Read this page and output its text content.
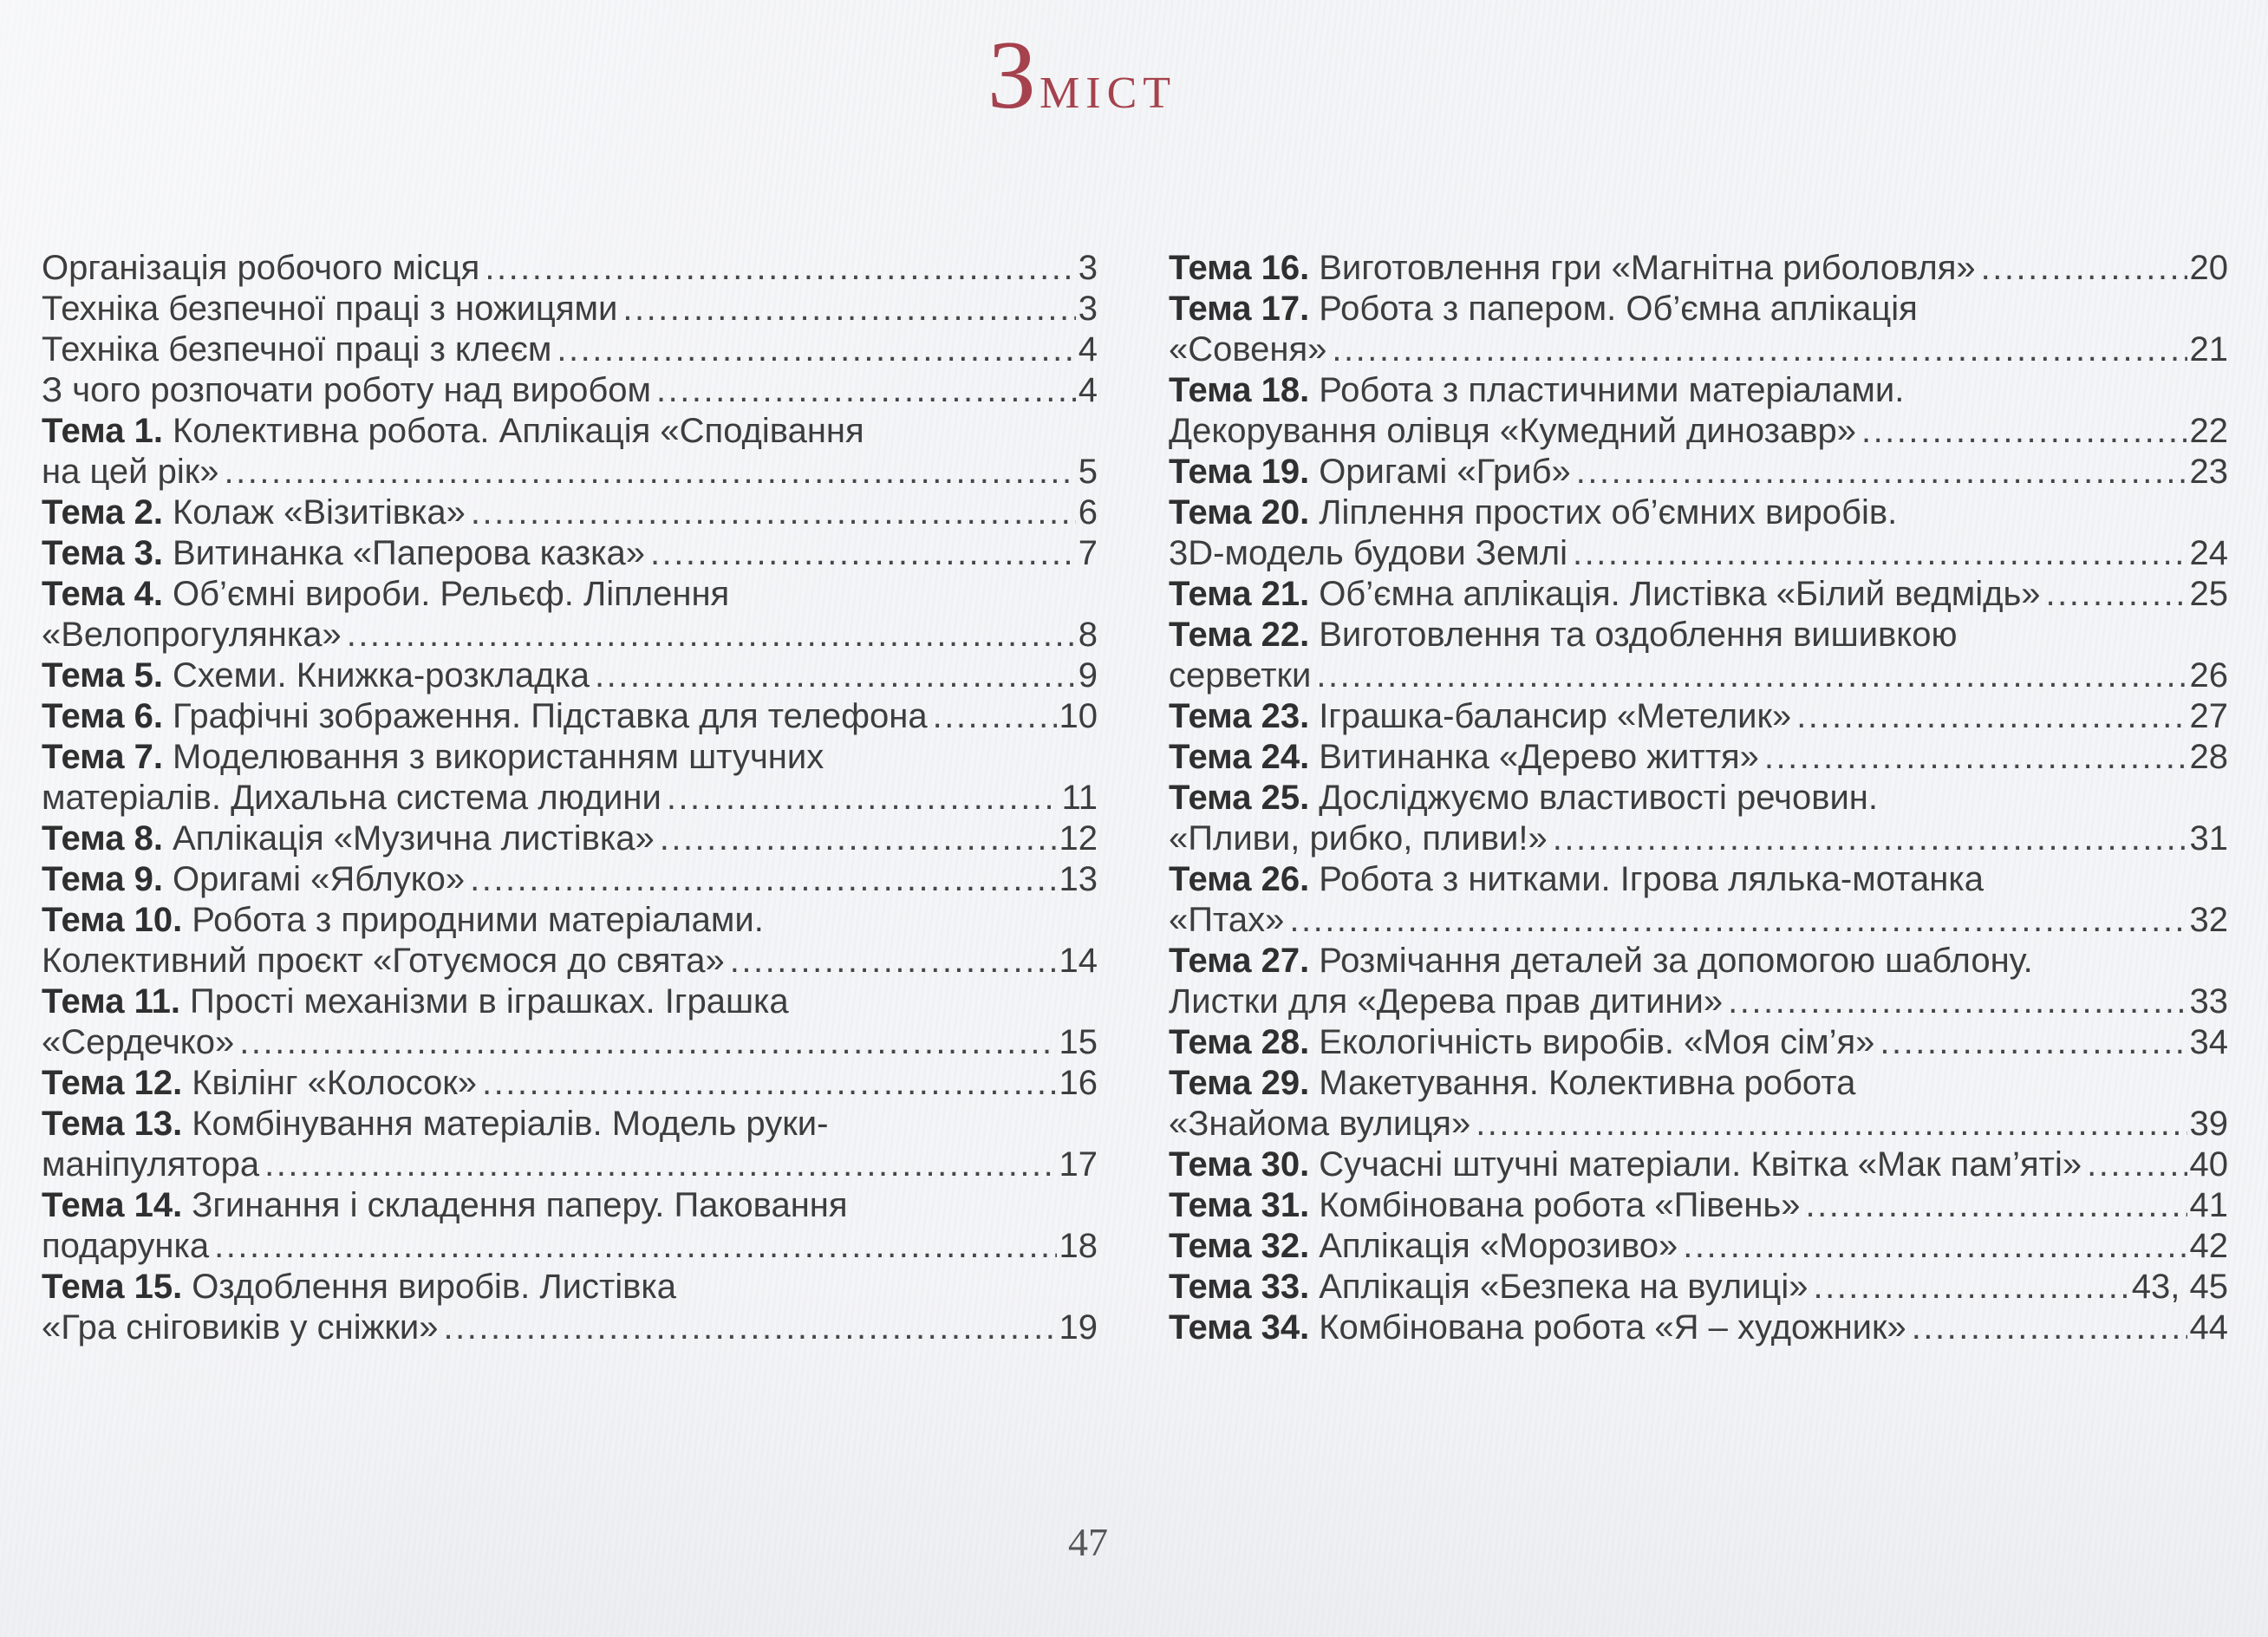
Зміст
Організація робочого місця .....	3
Техніка безпечної праці з ножицями .....	3
Техніка безпечної праці з клеєм .....	4
З чого розпочати роботу над виробом .....	4
Тема 1. Колективна робота. Аплікація «Сподівання
на цей рік» .....	5
Тема 2. Колаж «Візитівка» .....	6
Тема 3. Витинанка «Паперова казка» .....	7
Тема 4. Об’ємні вироби. Рельєф. Ліплення
«Велопрогулянка» .....	8
Тема 5. Схеми. Книжка-розкладка .....	9
Тема 6. Графічні зображення. Підставка для телефона .....	10
Тема 7. Моделювання з використанням штучних
матеріалів. Дихальна система людини .....	11
Тема 8. Аплікація «Музична листівка» .....	12
Тема 9. Оригамі «Яблуко» .....	13
Тема 10. Робота з природними матеріалами.
Колективний проєкт «Готуємося до свята» .....	14
Тема 11. Прості механізми в іграшках. Іграшка
«Сердечко» .....	15
Тема 12. Квілінг «Колосок» .....	16
Тема 13. Комбінування матеріалів. Модель руки-
маніпулятора .....	17
Тема 14. Згинання і складення паперу. Паковання
подарунка .....	18
Тема 15. Оздоблення виробів. Листівка
«Гра сніговиків у сніжки» .....	19
Тема 16. Виготовлення гри «Магнітна риболовля» .....	20
Тема 17. Робота з папером. Об’ємна аплікація
«Совеня» .....	21
Тема 18. Робота з пластичними матеріалами.
Декорування олівця «Кумедний динозавр» .....	22
Тема 19. Оригамі «Гриб» .....	23
Тема 20. Ліплення простих об’ємних виробів.
3D-модель будови Землі .....	24
Тема 21. Об’ємна аплікація. Листівка «Білий ведмідь» .....	25
Тема 22. Виготовлення та оздоблення вишивкою
серветки .....	26
Тема 23. Іграшка-балансир «Метелик» .....	27
Тема 24. Витинанка «Дерево життя» .....	28
Тема 25. Досліджуємо властивості речовин.
«Пливи, рибко, пливи!» .....	31
Тема 26. Робота з нитками. Ігрова лялька-мотанка
«Птах» .....	32
Тема 27. Розмічання деталей за допомогою шаблону.
Листки для «Дерева прав дитини» .....	33
Тема 28. Екологічність виробів. «Моя сім’я» .....	34
Тема 29. Макетування. Колективна робота
«Знайома вулиця» .....	39
Тема 30. Сучасні штучні матеріали. Квітка «Мак пам’яті» .....	40
Тема 31. Комбінована робота «Півень» .....	41
Тема 32. Аплікація «Морозиво» .....	42
Тема 33. Аплікація «Безпека на вулиці» .....	43, 45
Тема 34. Комбінована робота «Я – художник» .....	44
47
